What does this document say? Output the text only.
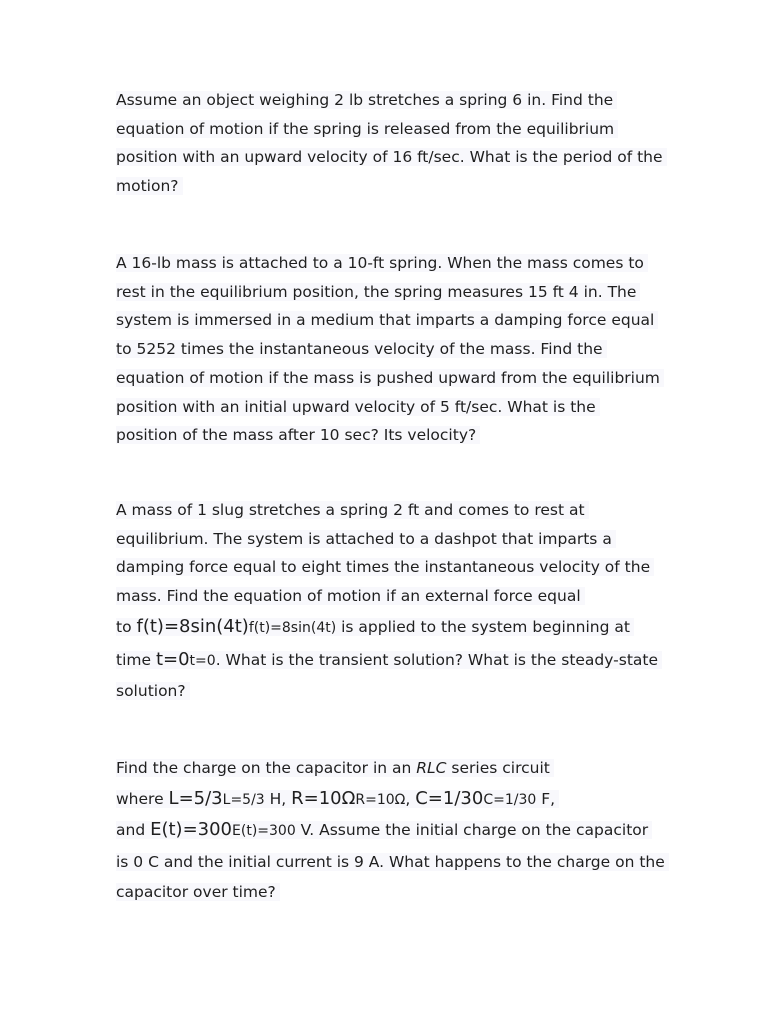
Assume an object weighing 2 lb stretches a spring 6 in. Find the
equation of motion if the spring is released from the equilibrium
position with an upward velocity of 16 ft/sec. What is the period of the
motion?
A 16-lb mass is attached to a 10-ft spring. When the mass comes to
rest in the equilibrium position, the spring measures 15 ft 4 in. The
system is immersed in a medium that imparts a damping force equal
to 5252 times the instantaneous velocity of the mass. Find the
equation of motion if the mass is pushed upward from the equilibrium
position with an initial upward velocity of 5 ft/sec. What is the
position of the mass after 10 sec? Its velocity?
A mass of 1 slug stretches a spring 2 ft and comes to rest at
equilibrium. The system is attached to a dashpot that imparts a
damping force equal to eight times the instantaneous velocity of the
mass. Find the equation of motion if an external force equal
to f(t)=8sin(4t)f(t)=8sin(4t) is applied to the system beginning at
time t=0t=0. What is the transient solution? What is the steady-state
solution?
Find the charge on the capacitor in an RLC series circuit
where L=5/3L=5/3 H, R=10ΩR=10Ω, C=1/30C=1/30 F,
and E(t)=300E(t)=300 V. Assume the initial charge on the capacitor
is 0 C and the initial current is 9 A. What happens to the charge on the
capacitor over time?
